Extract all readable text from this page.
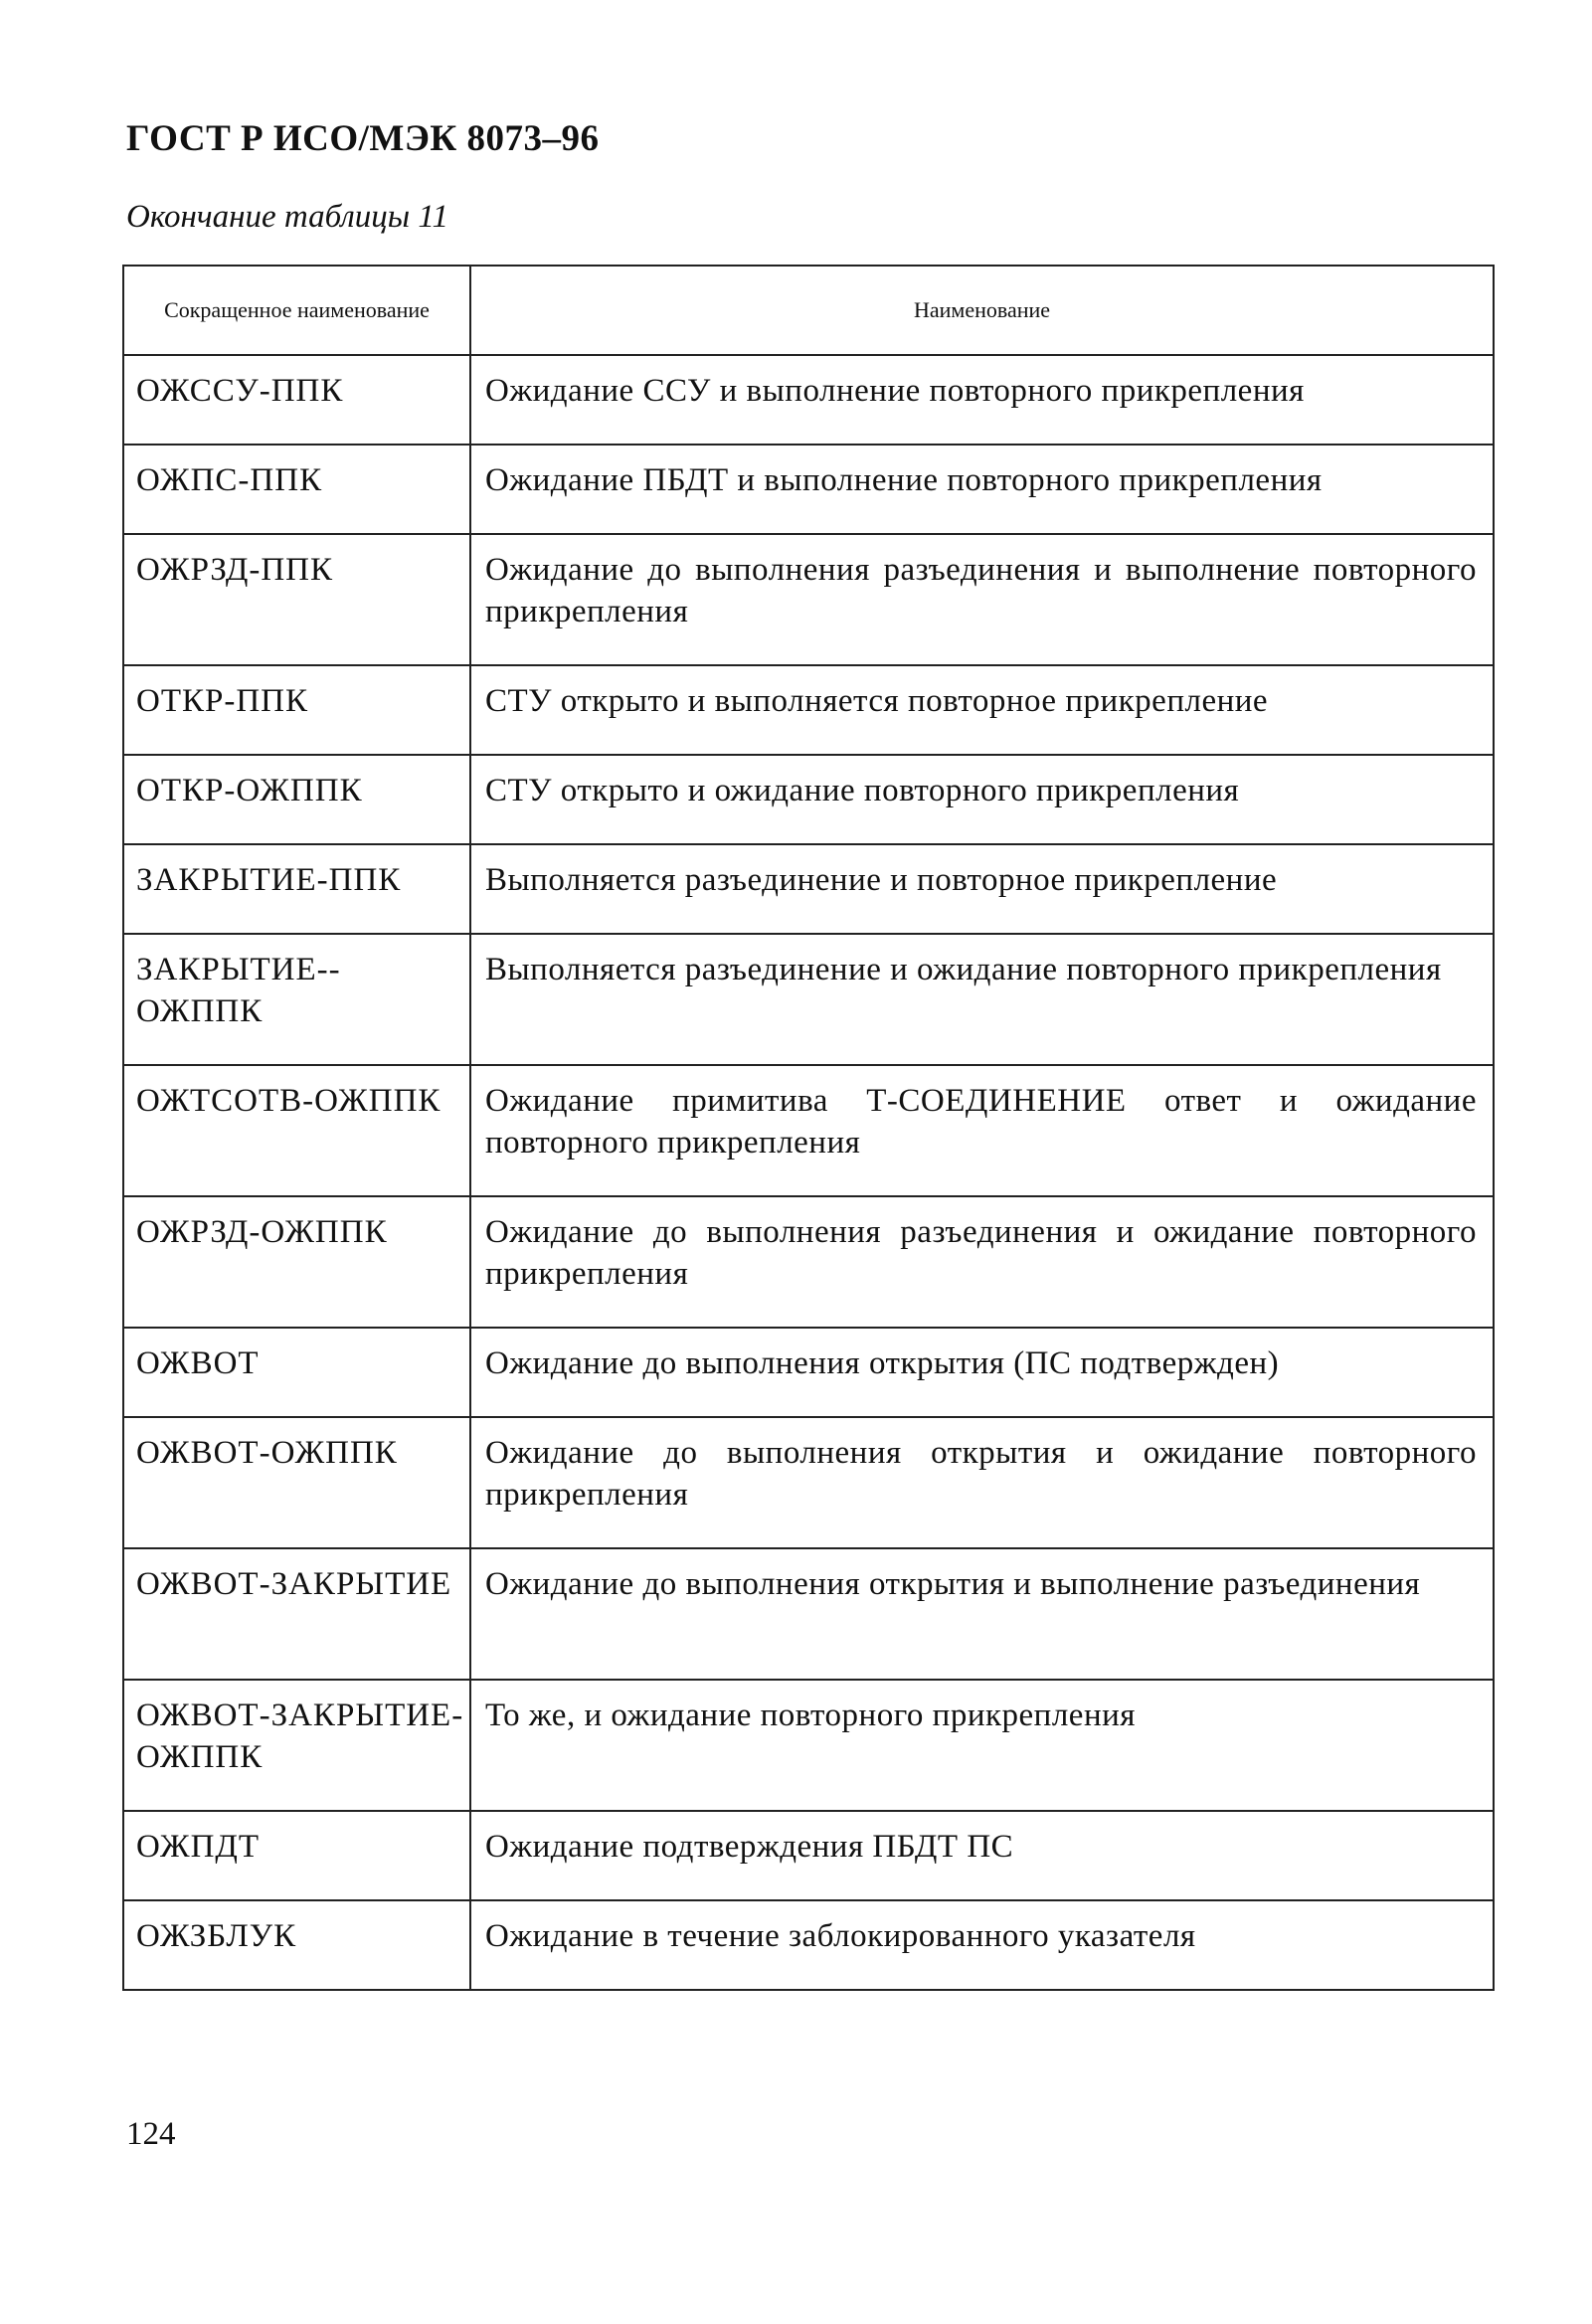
ГОСТ Р ИСО/МЭК 8073–96
Окончание таблицы 11
Сокращенное наименование	Наименование
ОЖССУ-ППК	Ожидание ССУ и выполнение повторного прикрепления
ОЖПС-ППК	Ожидание ПБДТ и выполнение повторного прикрепления
ОЖРЗД-ППК	Ожидание до выполнения разъединения и выполнение повторного прикрепления
ОТКР-ППК	СТУ открыто и выполняется повторное прикрепление
ОТКР-ОЖППК	СТУ открыто и ожидание повторного прикрепления
ЗАКРЫТИЕ-ППК	Выполняется разъединение и повторное прикрепление
ЗАКРЫТИЕ--ОЖППК	Выполняется разъединение и ожидание повторного прикрепления
ОЖТСОТВ-ОЖППК	Ожидание примитива Т-СОЕДИНЕНИЕ ответ и ожидание повторного прикрепления
ОЖРЗД-ОЖППК	Ожидание до выполнения разъединения и ожидание повторного прикрепления
ОЖВОТ	Ожидание до выполнения открытия (ПС подтвержден)
ОЖВОТ-ОЖППК	Ожидание до выполнения открытия и ожидание повторного прикрепления
ОЖВОТ-ЗАКРЫТИЕ	Ожидание до выполнения открытия и выполнение разъединения
ОЖВОТ-ЗАКРЫТИЕ-ОЖППК	То же, и ожидание повторного прикрепления
ОЖПДТ	Ожидание подтверждения ПБДТ ПС
ОЖЗБЛУК	Ожидание в течение заблокированного указателя
124
